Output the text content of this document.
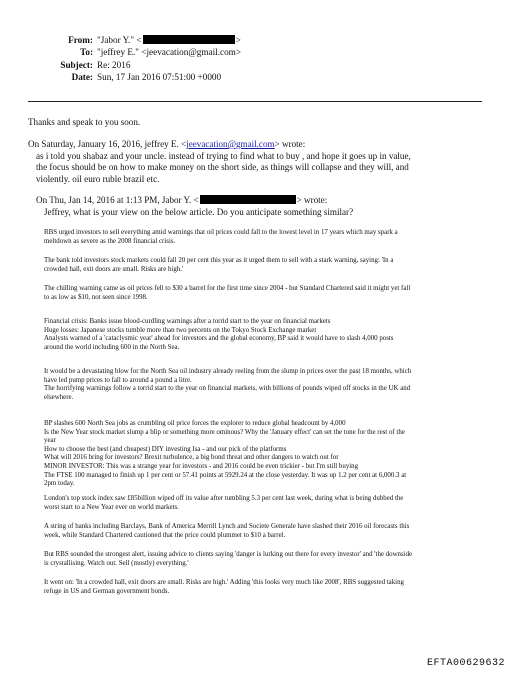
From: "Jabor Y." <	>
To: "jeffrey E." <jeevacation@gmail.com>
Subject: Re: 2016
Date: Sun, 17 Jan 2016 07:51:00 +0000
Thanks and speak to you soon.
On Saturday, January 16, 2016, jeffrey E. <jeevacation@gmail.com> wrote:
as i told you shabaz and your uncle. instead of trying to find what to buy , and hope it goes up in value,
the focus should be on how to make money on the short side, as things will collapse and they will, and
violently. oil euro ruble brazil etc.
On Thu, Jan 14, 2016 at 1:13 PM, Jabor Y. <	> wrote:
Jeffrey, what is your view on the below article. Do you anticipate something similar?
RBS urged investors to sell everything amid warnings that oil prices could fall to the lowest level in 17 years which may spark a
meltdown as severe as the 2008 financial crisis.
The bank told investors stock markets could fall 20 per cent this year as it urged them to sell with a stark warning, saying: 'In a
crowded hall, exit doors are small. Risks are high.'
The chilling warning came as oil prices fell to $30 a barrel for the first time since 2004 - but Standard Chartered said it might yet fall
to as low as $10, not seen since 1998.
Financial crisis: Banks issue blood-curdling warnings after a torrid start to the year on financial markets
Huge losses: Japanese stocks tumble more than two percents on the Tokyo Stock Exchange market
Analysts warned of a 'cataclysmic year' ahead for investors and the global economy, BP said it would have to slash 4,000 posts
around the world including 600 in the North Sea.
It would be a devastating blow for the North Sea oil industry already reeling from the slump in prices over the past 18 months, which
have led pump prices to fall to around a pound a litre.
The horrifying warnings follow a torrid start to the year on financial markets, with billions of pounds wiped off stocks in the UK and
elsewhere.
BP slashes 600 North Sea jobs as crumbling oil price forces the explorer to reduce global headcount by 4,000
Is the New Year stock market slump a blip or something more ominous? Why the 'January effect' can set the tone for the rest of the
year
How to choose the best (and cheapest) DIY investing Isa - and our pick of the platforms
What will 2016 bring for investors? Brexit turbulence, a big bond threat and other dangers to watch out for
MINOR INVESTOR: This was a strange year for investors - and 2016 could be even trickier - but I'm still buying
The FTSE 100 managed to finish up 1 per cent or 57.41 points at 5929.24 at the close yesterday. It was up 1.2 per cent at 6,000.3 at
2pm today.
London's top stock index saw £85billion wiped off its value after tumbling 5.3 per cent last week, during what is being dubbed the
worst start to a New Year ever on world markets.
A string of banks including Barclays, Bank of America Merrill Lynch and Societe Generale have slashed their 2016 oil forecasts this
week, while Standard Chartered cautioned that the price could plummet to $10 a barrel.
But RBS sounded the strongest alert, issuing advice to clients saying 'danger is lurking out there for every investor' and 'the downside
is crystallising. Watch out. Sell (mostly) everything.'
It went on: 'In a crowded hall, exit doors are small. Risks are high.' Adding 'this looks very much like 2008', RBS suggested taking
refuge in US and German government bonds.
EFTA00629632
